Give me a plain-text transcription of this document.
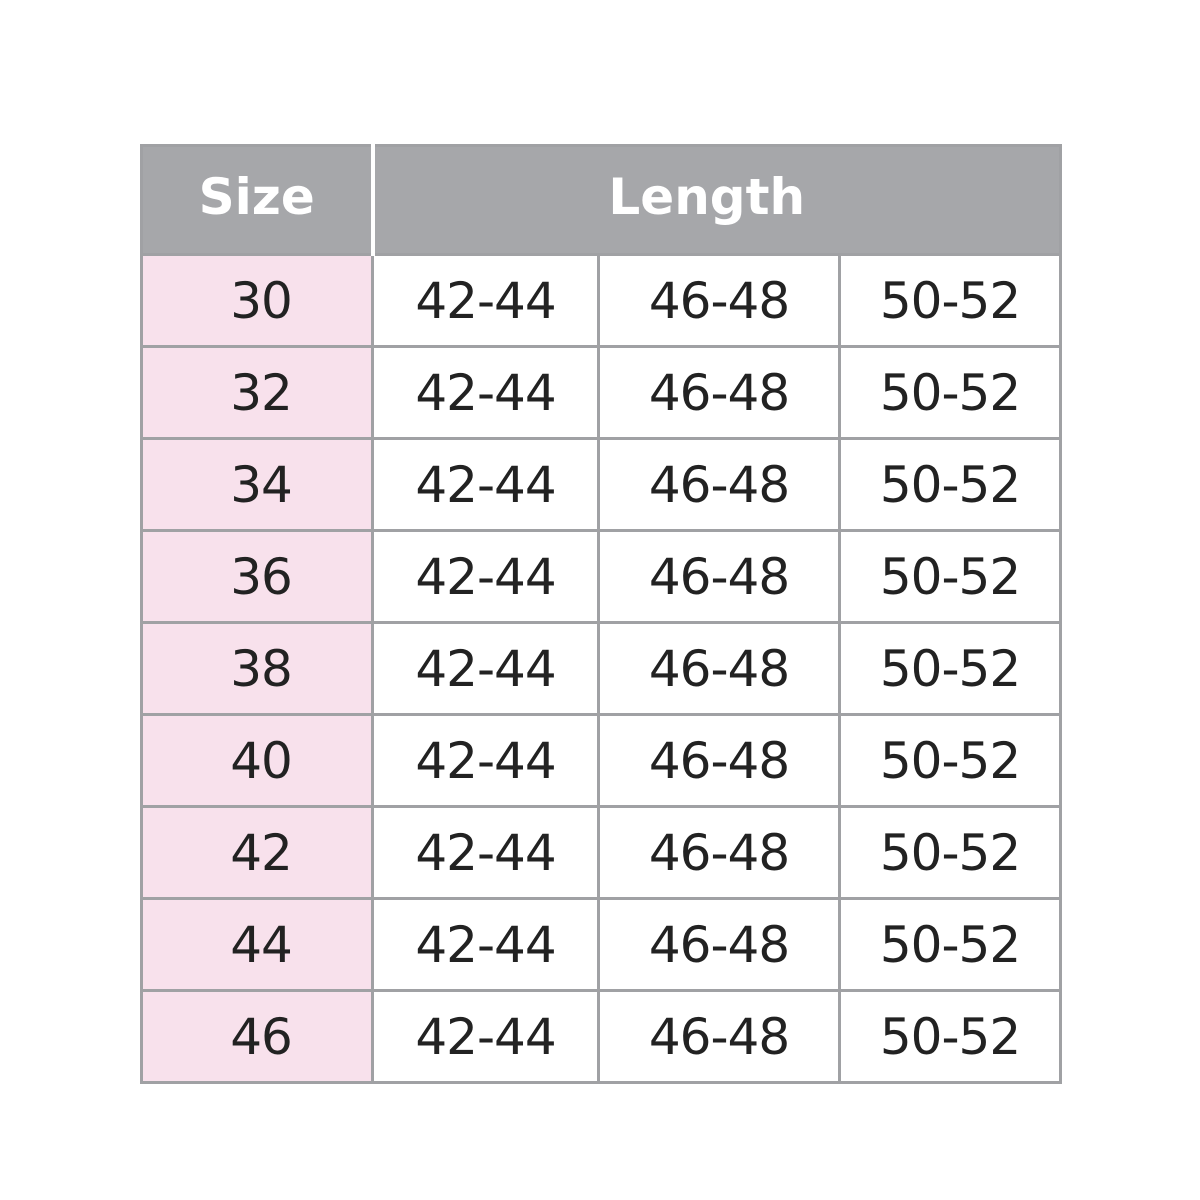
Size	Length		
30	42-44	46-48	50-52
32	42-44	46-48	50-52
34	42-44	46-48	50-52
36	42-44	46-48	50-52
38	42-44	46-48	50-52
40	42-44	46-48	50-52
42	42-44	46-48	50-52
44	42-44	46-48	50-52
46	42-44	46-48	50-52
